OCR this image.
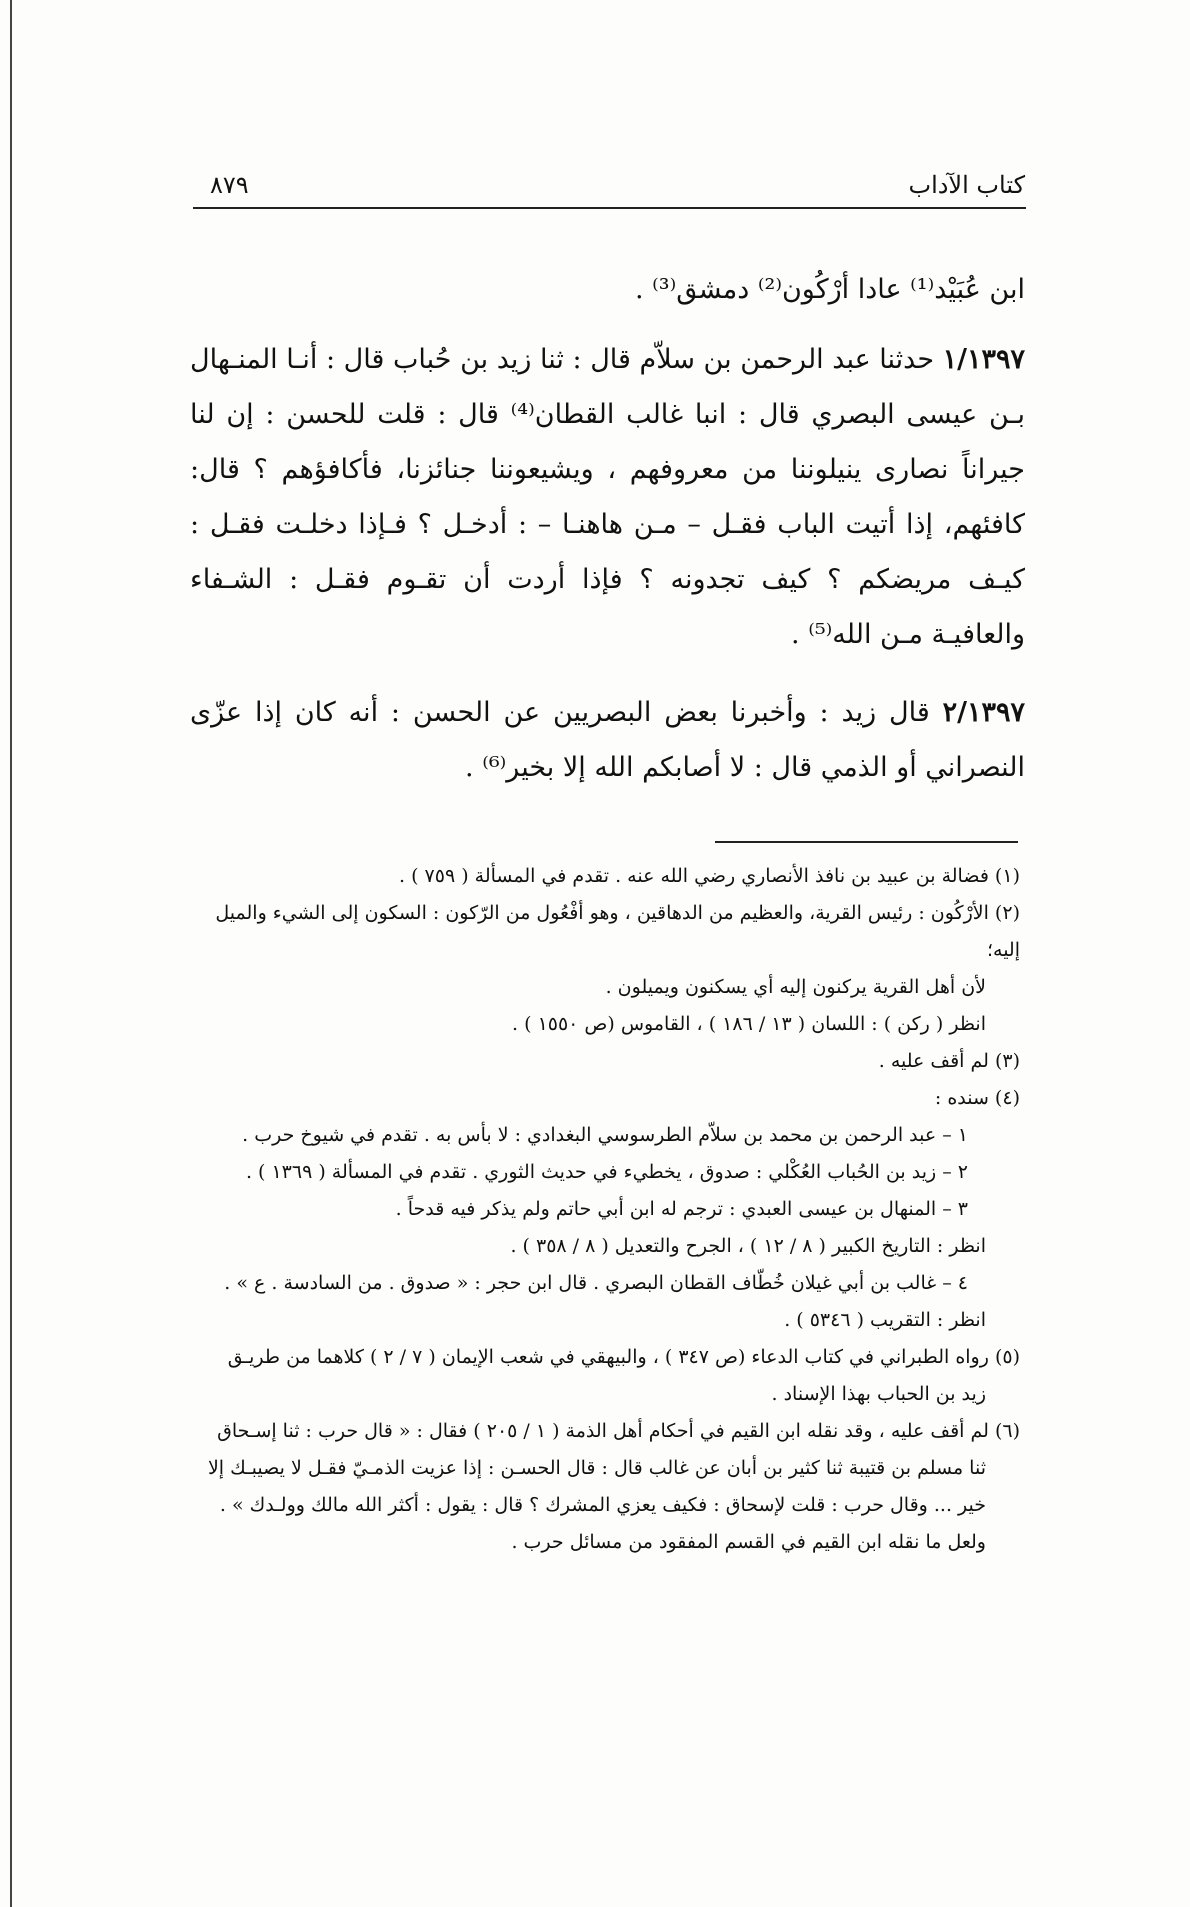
كتاب الآداب
٨٧٩
ابن عُبَيْد⁽¹⁾ عادا أرْكُون⁽²⁾ دمشق⁽³⁾ .
١/١٣٩٧ حدثنا عبد الرحمن بن سلاّم قال : ثنا زيد بن حُباب قال : أنـا المنـهال بـن عيسى البصري قال : انبا غالب القطان⁽⁴⁾ قال : قلت للحسن : إن لنا جيراناً نصارى ينيلوننا من معروفهم ، ويشيعوننا جنائزنا، فأكافؤهم ؟ قال: كافئهم، إذا أتيت الباب فقـل – مـن هاهنـا – : أدخـل ؟ فـإذا دخلـت فقـل : كيـف مريضكم ؟ كيف تجدونه ؟ فإذا أردت أن تقـوم فقـل : الشـفاء والعافيـة مـن الله⁽⁵⁾ .
٢/١٣٩٧ قال زيد : وأخبرنا بعض البصريين عن الحسن : أنه كان إذا عزّى النصراني أو الذمي قال : لا أصابكم الله إلا بخير⁽⁶⁾ .
(١) فضالة بن عبيد بن نافذ الأنصاري رضي الله عنه . تقدم في المسألة ( ٧٥٩ ) .
(٢) الأرْكُون : رئيس القرية، والعظيم من الدهاقين ، وهو أفْعُول من الرّكون : السكون إلى الشيء والميل إليه؛
لأن أهل القرية يركنون إليه أي يسكنون ويميلون .
انظر ( ركن ) : اللسان ( ١٣ / ١٨٦ ) ، القاموس (ص ١٥٥٠ ) .
(٣) لم أقف عليه .
(٤) سنده :
١ – عبد الرحمن بن محمد بن سلاّم الطرسوسي البغدادي : لا بأس به . تقدم في شيوخ حرب .
٢ – زيد بن الحُباب العُكْلي : صدوق ، يخطيء في حديث الثوري . تقدم في المسألة ( ١٣٦٩ ) .
٣ – المنهال بن عيسى العبدي : ترجم له ابن أبي حاتم ولم يذكر فيه قدحاً .
انظر : التاريخ الكبير ( ٨ / ١٢ ) ، الجرح والتعديل ( ٨ / ٣٥٨ ) .
٤ – غالب بن أبي غيلان خُطّاف القطان البصري . قال ابن حجر : « صدوق . من السادسة . ع » .
انظر : التقريب ( ٥٣٤٦ ) .
(٥) رواه الطبراني في كتاب الدعاء (ص ٣٤٧ ) ، والبيهقي في شعب الإيمان ( ٧ / ٢ ) كلاهما من طريـق
زيد بن الحباب بهذا الإسناد .
(٦) لم أقف عليه ، وقد نقله ابن القيم في أحكام أهل الذمة ( ١ / ٢٠٥ ) فقال : « قال حرب : ثنا إسـحاق
ثنا مسلم بن قتيبة ثنا كثير بن أبان عن غالب قال : قال الحسـن : إذا عزيت الذمـيّ فقـل لا يصيبـك إلا
خير ... وقال حرب : قلت لإسحاق : فكيف يعزي المشرك ؟ قال : يقول : أكثر الله مالك وولـدك » .
ولعل ما نقله ابن القيم في القسم المفقود من مسائل حرب .
